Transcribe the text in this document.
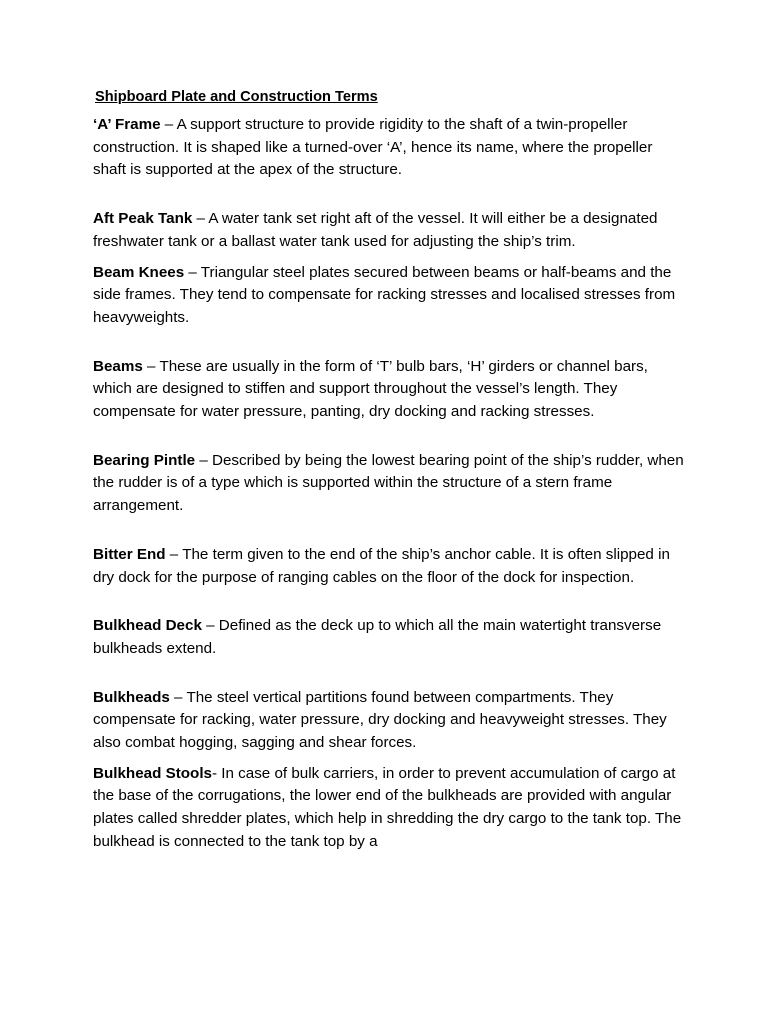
Shipboard Plate and Construction Terms

‘A’ Frame – A support structure to provide rigidity to the shaft of a twin-propeller construction. It is shaped like a turned-over ‘A’, hence its name, where the propeller shaft is supported at the apex of the structure.

Aft Peak Tank – A water tank set right aft of the vessel. It will either be a designated freshwater tank or a ballast water tank used for adjusting the ship’s trim.

Beam Knees – Triangular steel plates secured between beams or half-beams and the side frames. They tend to compensate for racking stresses and localised stresses from heavyweights.

Beams – These are usually in the form of ‘T’ bulb bars, ‘H’ girders or channel bars, which are designed to stiffen and support throughout the vessel’s length. They compensate for water pressure, panting, dry docking and racking stresses.

Bearing Pintle – Described by being the lowest bearing point of the ship’s rudder, when the rudder is of a type which is supported within the structure of a stern frame arrangement.

Bitter End – The term given to the end of the ship’s anchor cable. It is often slipped in dry dock for the purpose of ranging cables on the floor of the dock for inspection.

Bulkhead Deck – Defined as the deck up to which all the main watertight transverse bulkheads extend.

Bulkheads – The steel vertical partitions found between compartments. They compensate for racking, water pressure, dry docking and heavyweight stresses. They also combat hogging, sagging and shear forces.

Bulkhead Stools- In case of bulk carriers, in order to prevent accumulation of cargo at the base of the corrugations, the lower end of the bulkheads are provided with angular plates called shredder plates, which help in shredding the dry cargo to the tank top. The bulkhead is connected to the tank top by a
